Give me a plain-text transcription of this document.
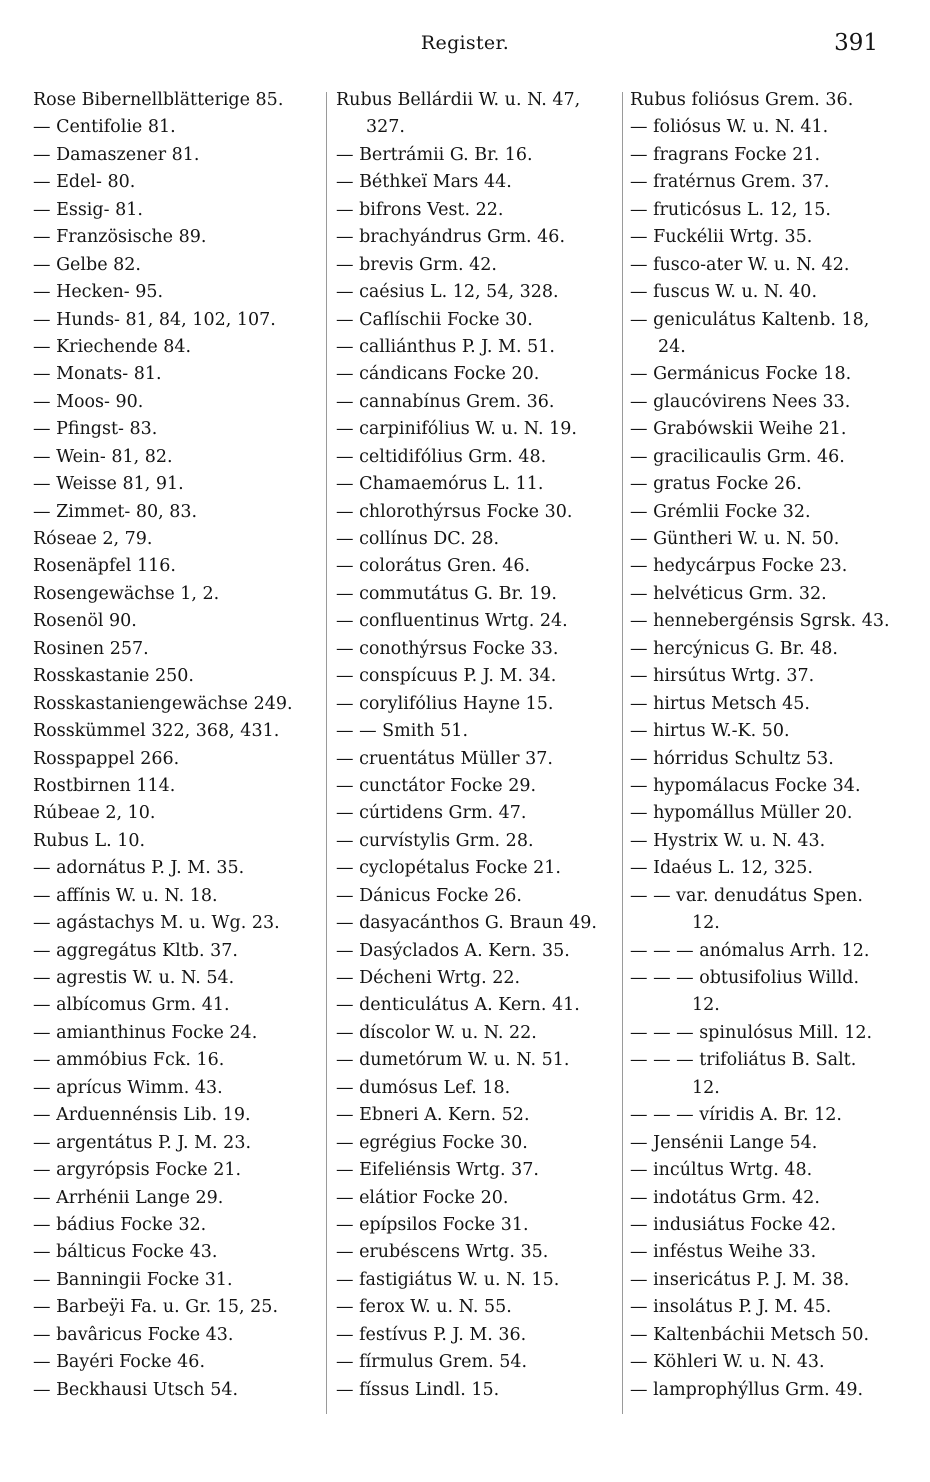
Register.	391
Rose Bibernellblätterige 85.
— Centifolie 81.
— Damaszener 81.
— Edel- 80.
— Essig- 81.
— Französische 89.
— Gelbe 82.
— Hecken- 95.
— Hunds- 81, 84, 102, 107.
— Kriechende 84.
— Monats- 81.
— Moos- 90.
— Pfingst- 83.
— Wein- 81, 82.
— Weisse 81, 91.
— Zimmet- 80, 83.
Róseae 2, 79.
Rosenäpfel 116.
Rosengewächse 1, 2.
Rosenöl 90.
Rosinen 257.
Rosskastanie 250.
Rosskastaniengewächse 249.
Rosskümmel 322, 368, 431.
Rosspappel 266.
Rostbirnen 114.
Rúbeae 2, 10.
Rubus L. 10.
— adornátus P. J. M. 35.
— affínis W. u. N. 18.
— agástachys M. u. Wg. 23.
— aggregátus Kltb. 37.
— agrestis W. u. N. 54.
— albícomus Grm. 41.
— amianthinus Focke 24.
— ammóbius Fck. 16.
— aprícus Wimm. 43.
— Arduennénsis Lib. 19.
— argentátus P. J. M. 23.
— argyrópsis Focke 21.
— Arrhénii Lange 29.
— bádius Focke 32.
— bálticus Focke 43.
— Banningii Focke 31.
— Barbeÿi Fa. u. Gr. 15, 25.
— bavâricus Focke 43.
— Bayéri Focke 46.
— Beckhausi Utsch 54.
Rubus Bellárdii W. u. N. 47,
327.
— Bertrámii G. Br. 16.
— Béthkeï Mars 44.
— bifrons Vest. 22.
— brachyándrus Grm. 46.
— brevis Grm. 42.
— caésius L. 12, 54, 328.
— Caflíschii Focke 30.
— calliánthus P. J. M. 51.
— cándicans Focke 20.
— cannabínus Grem. 36.
— carpinifólius W. u. N. 19.
— celtidifólius Grm. 48.
— Chamaemórus L. 11.
— chlorothýrsus Focke 30.
— collínus DC. 28.
— colorátus Gren. 46.
— commutátus G. Br. 19.
— confluentinus Wrtg. 24.
— conothýrsus Focke 33.
— conspícuus P. J. M. 34.
— corylifólius Hayne 15.
— — Smith 51.
— cruentátus Müller 37.
— cunctátor Focke 29.
— cúrtidens Grm. 47.
— curvístylis Grm. 28.
— cyclopétalus Focke 21.
— Dánicus Focke 26.
— dasyacánthos G. Braun 49.
— Dasýclados A. Kern. 35.
— Décheni Wrtg. 22.
— denticulátus A. Kern. 41.
— díscolor W. u. N. 22.
— dumetórum W. u. N. 51.
— dumósus Lef. 18.
— Ebneri A. Kern. 52.
— egrégius Focke 30.
— Eifeliénsis Wrtg. 37.
— elátior Focke 20.
— epípsilos Focke 31.
— erubéscens Wrtg. 35.
— fastigiátus W. u. N. 15.
— ferox W. u. N. 55.
— festívus P. J. M. 36.
— fírmulus Grem. 54.
— físsus Lindl. 15.
Rubus foliósus Grem. 36.
— foliósus W. u. N. 41.
— fragrans Focke 21.
— fratérnus Grem. 37.
— fruticósus L. 12, 15.
— Fuckélii Wrtg. 35.
— fusco-ater W. u. N. 42.
— fuscus W. u. N. 40.
— geniculátus Kaltenb. 18,
24.
— Germánicus Focke 18.
— glaucóvirens Nees 33.
— Grabówskii Weihe 21.
— gracilicaulis Grm. 46.
— gratus Focke 26.
— Grémlii Focke 32.
— Güntheri W. u. N. 50.
— hedycárpus Focke 23.
— helvéticus Grm. 32.
— hennebergénsis Sgrsk. 43.
— hercýnicus G. Br. 48.
— hirsútus Wrtg. 37.
— hirtus Metsch 45.
— hirtus W.-K. 50.
— hórridus Schultz 53.
— hypomálacus Focke 34.
— hypomállus Müller 20.
— Hystrix W. u. N. 43.
— Idaéus L. 12, 325.
— — var. denudátus Spen.
12.
— — — anómalus Arrh. 12.
— — — obtusifolius Willd.
12.
— — — spinulósus Mill. 12.
— — — trifoliátus B. Salt.
12.
— — — víridis A. Br. 12.
— Jensénii Lange 54.
— incúltus Wrtg. 48.
— indotátus Grm. 42.
— indusiátus Focke 42.
— inféstus Weihe 33.
— insericátus P. J. M. 38.
— insolátus P. J. M. 45.
— Kaltenbáchii Metsch 50.
— Köhleri W. u. N. 43.
— lamprophýllus Grm. 49.
